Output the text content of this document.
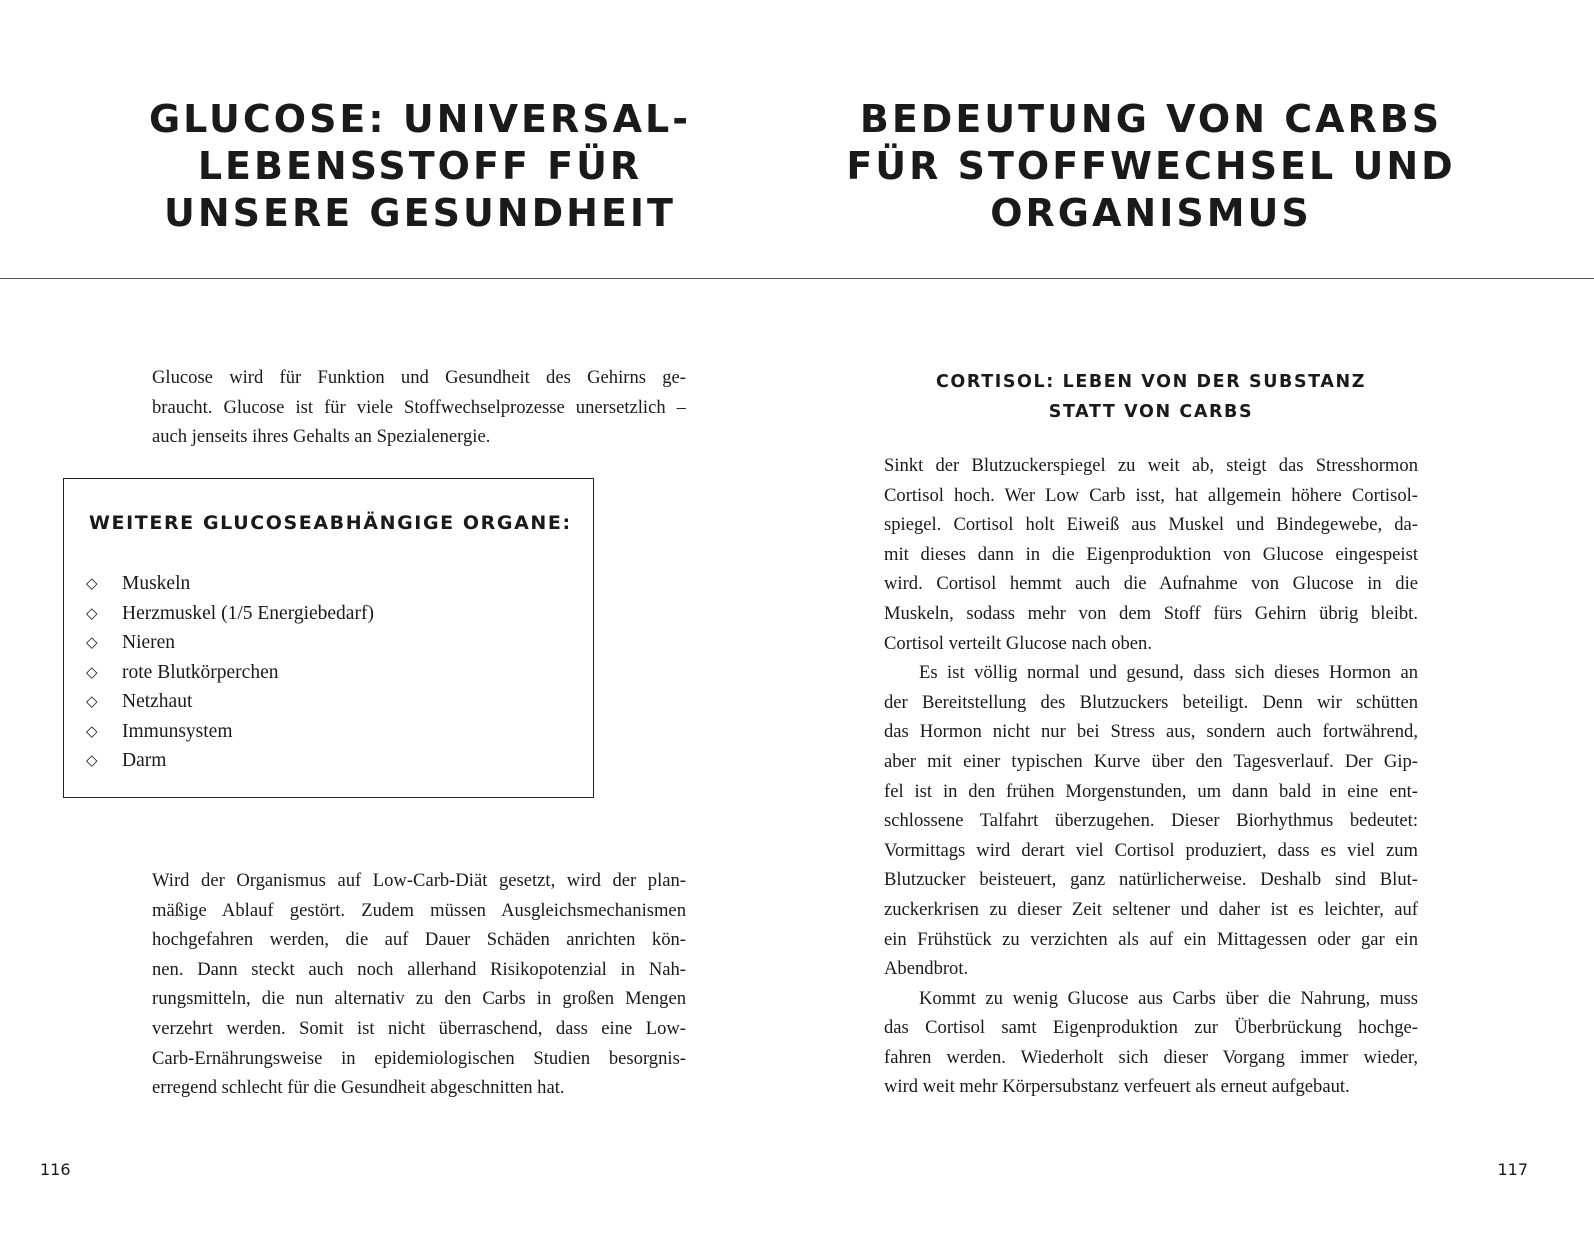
GLUCOSE: UNIVERSAL-
LEBENSSTOFF FÜR
UNSERE GESUNDHEIT
BEDEUTUNG VON CARBS
FÜR STOFFWECHSEL UND
ORGANISMUS
Glucose wird für Funktion und Gesundheit des Gehirns ge-
braucht. Glucose ist für viele Stoffwechselprozesse unersetzlich –
auch jenseits ihres Gehalts an Spezialenergie.
WEITERE GLUCOSEABHÄNGIGE ORGANE:
◇ Muskeln
◇ Herzmuskel (1/5 Energiebedarf)
◇ Nieren
◇ rote Blutkörperchen
◇ Netzhaut
◇ Immunsystem
◇ Darm
Wird der Organismus auf Low-Carb-Diät gesetzt, wird der plan-
mäßige Ablauf gestört. Zudem müssen Ausgleichsmechanismen
hochgefahren werden, die auf Dauer Schäden anrichten kön-
nen. Dann steckt auch noch allerhand Risikopotenzial in Nah-
rungsmitteln, die nun alternativ zu den Carbs in großen Mengen
verzehrt werden. Somit ist nicht überraschend, dass eine Low-
Carb-Ernährungsweise in epidemiologischen Studien besorgnis-
erregend schlecht für die Gesundheit abgeschnitten hat.
CORTISOL: LEBEN VON DER SUBSTANZ
STATT VON CARBS
Sinkt der Blutzuckerspiegel zu weit ab, steigt das Stresshormon
Cortisol hoch. Wer Low Carb isst, hat allgemein höhere Cortisol-
spiegel. Cortisol holt Eiweiß aus Muskel und Bindegewebe, da-
mit dieses dann in die Eigenproduktion von Glucose eingespeist
wird. Cortisol hemmt auch die Aufnahme von Glucose in die
Muskeln, sodass mehr von dem Stoff fürs Gehirn übrig bleibt.
Cortisol verteilt Glucose nach oben.
Es ist völlig normal und gesund, dass sich dieses Hormon an
der Bereitstellung des Blutzuckers beteiligt. Denn wir schütten
das Hormon nicht nur bei Stress aus, sondern auch fortwährend,
aber mit einer typischen Kurve über den Tagesverlauf. Der Gip-
fel ist in den frühen Morgenstunden, um dann bald in eine ent-
schlossene Talfahrt überzugehen. Dieser Biorhythmus bedeutet:
Vormittags wird derart viel Cortisol produziert, dass es viel zum
Blutzucker beisteuert, ganz natürlicherweise. Deshalb sind Blut-
zuckerkrisen zu dieser Zeit seltener und daher ist es leichter, auf
ein Frühstück zu verzichten als auf ein Mittagessen oder gar ein
Abendbrot.
Kommt zu wenig Glucose aus Carbs über die Nahrung, muss
das Cortisol samt Eigenproduktion zur Überbrückung hochge-
fahren werden. Wiederholt sich dieser Vorgang immer wieder,
wird weit mehr Körpersubstanz verfeuert als erneut aufgebaut.
116	117
